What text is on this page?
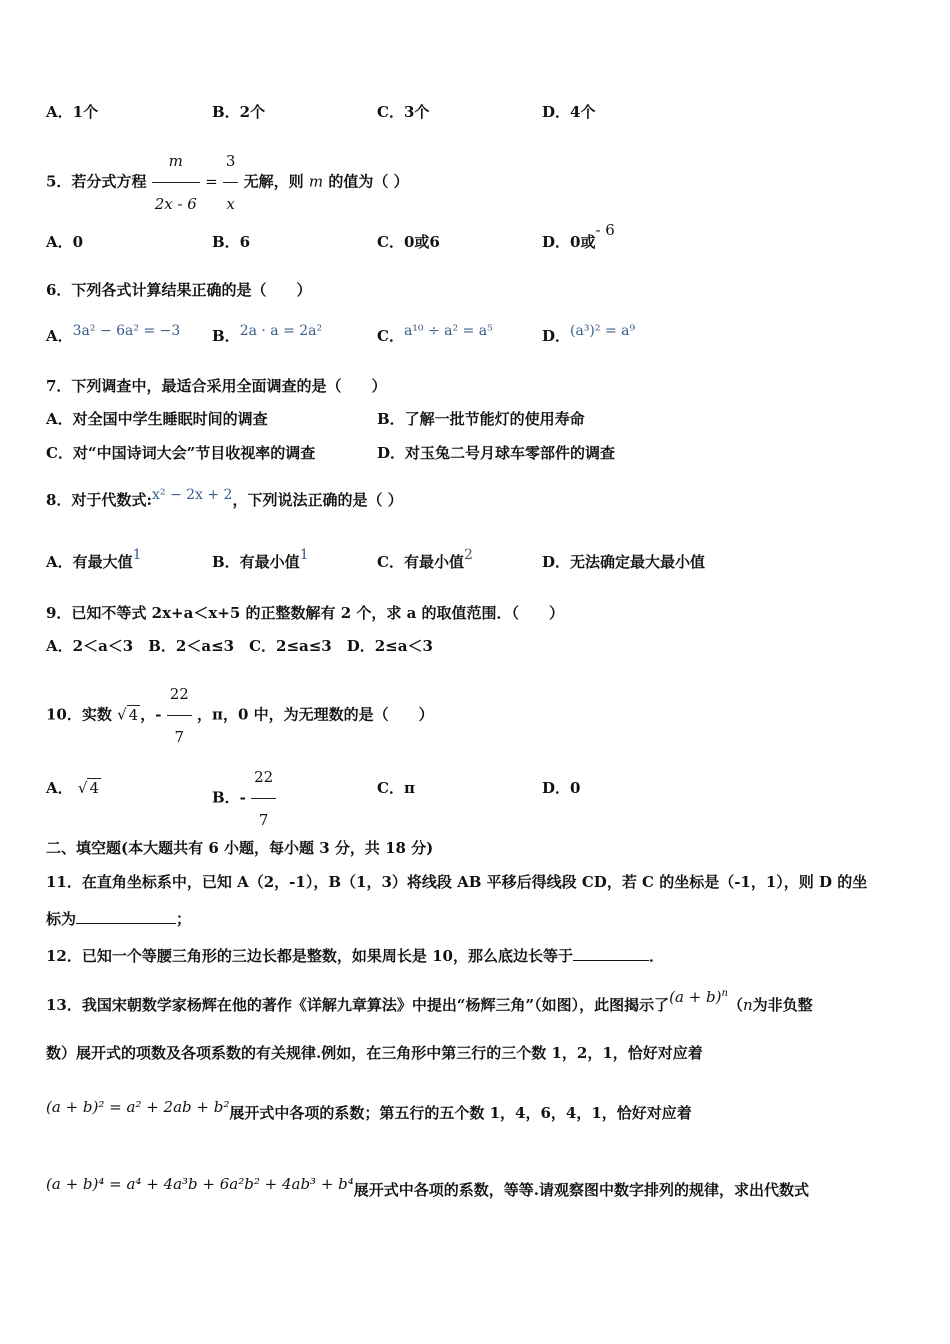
A．1个	B．2个	C．3个	D．4个
5．若分式方程 $\frac{m}{2x - 6} = \frac{3}{x}$ 无解，则 m 的值为（ ）
A．0	B．6	C．0或6	D．0或- 6
6．下列各式计算结果正确的是（　　）
A．3a² − 6a² = −3 B．2a · a = 2a²	C．a¹⁰ ÷ a² = a⁵	D．(a³)² = a⁹
7．下列调查中，最适合采用全面调查的是（　　）
A．对全国中学生睡眠时间的调查	B．了解一批节能灯的使用寿命
C．对“中国诗词大会”节目收视率的调查	D．对玉兔二号月球车零部件的调查
8．对于代数式:x² − 2x + 2，下列说法正确的是（ ）
A．有最大值1	B．有最小值1	C．有最小值2	D．无法确定最大最小值
9．已知不等式 2x+a＜x+5 的正整数解有 2 个，求 a 的取值范围．（　　）
A．2＜a＜3　B．2＜a≤3　C．2≤a≤3　D．2≤a＜3
10．实数 √ 4 ，- $\frac{22}{7}$ ，π，0 中，为无理数的是（　　）
A． √ 4
B．- $\frac{22}{7}$	C．π	D．0
二、填空题(本大题共有 6 小题，每小题 3 分，共 18 分)
11．在直角坐标系中，已知 A（2，-1），B（1，3）将线段 AB 平移后得线段 CD，若 C 的坐标是（-1，1），则 D 的坐
标为	；
12．已知一个等腰三角形的三边长都是整数，如果周长是 10，那么底边长等于	．
13．我国宋朝数学家杨辉在他的著作《详解九章算法》中提出“杨辉三角”（如图），此图揭示了$(a + b)^n(n$为非负整
数）展开式的项数及各项系数的有关规律.例如，在三角形中第三行的三个数 1，2，1，恰好对应着
(a + b)² = a² + 2ab + b²展开式中各项的系数；第五行的五个数 1，4，6，4，1，恰好对应着
(a + b)⁴ = a⁴ + 4a³b + 6a²b² + 4ab³ + b⁴展开式中各项的系数，等等.请观察图中数字排列的规律，求出代数式
